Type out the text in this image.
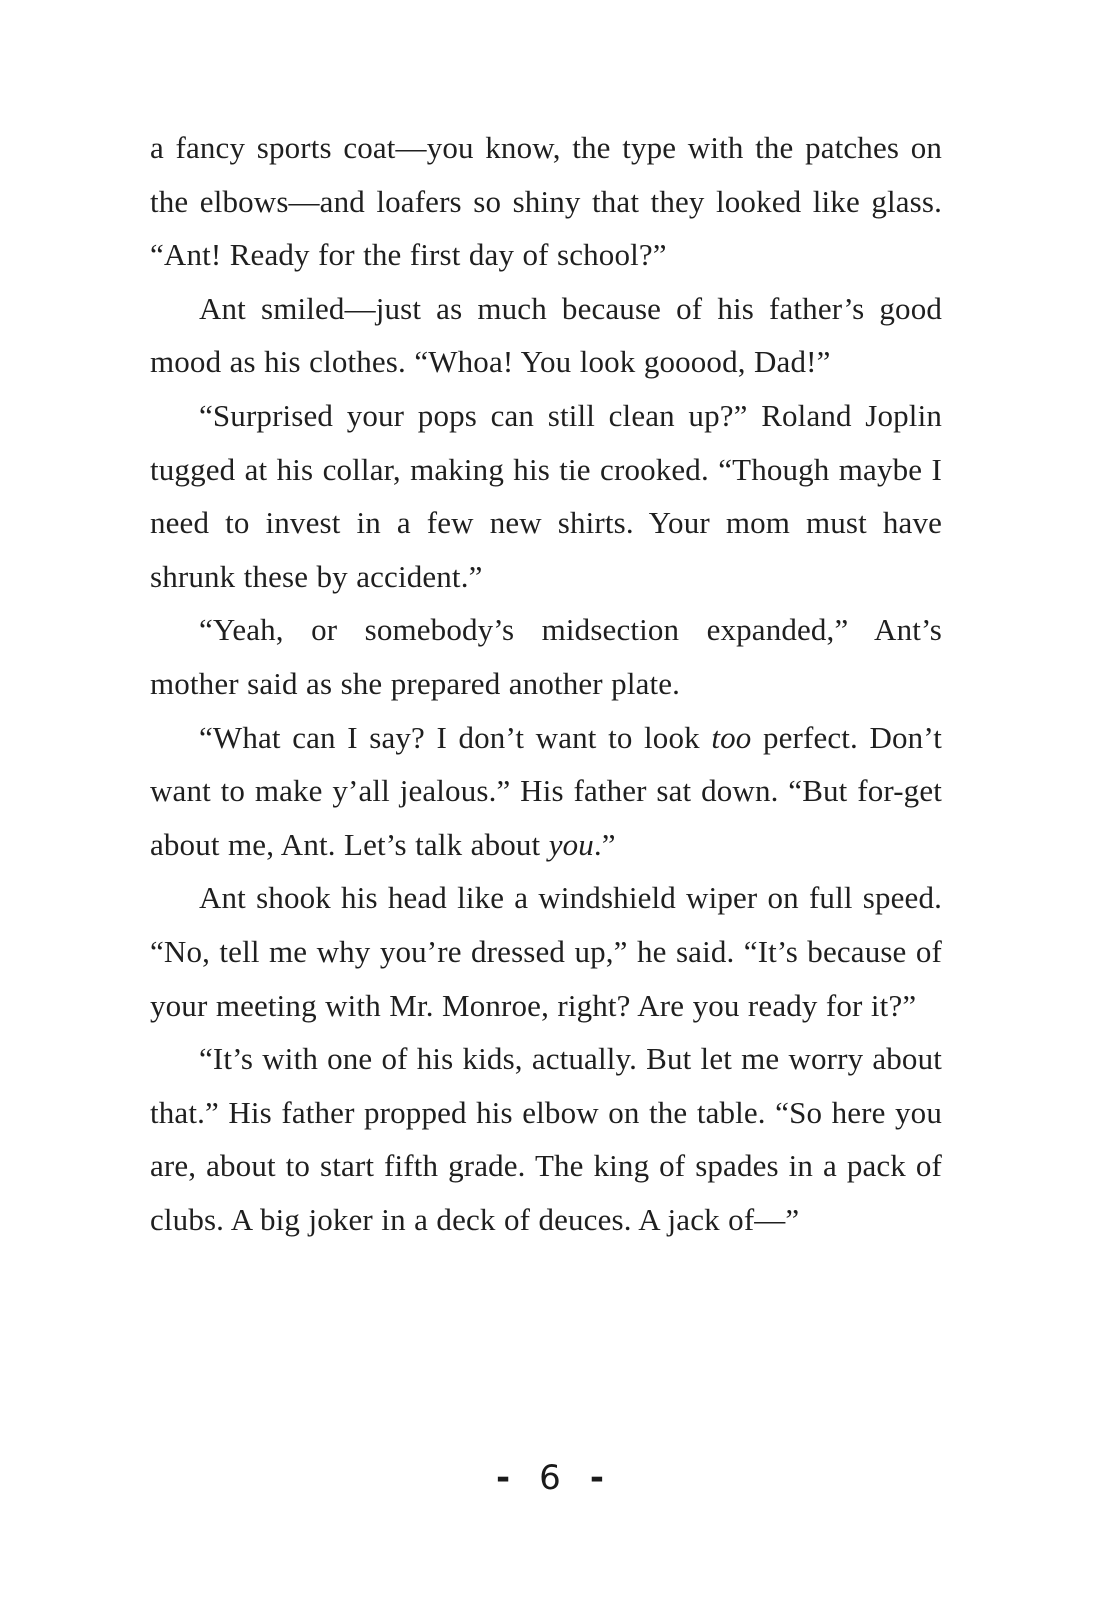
a fancy sports coat—you know, the type with the patches on the elbows—and loafers so shiny that they looked like glass. “Ant! Ready for the first day of school?”

Ant smiled—just as much because of his father’s good mood as his clothes. “Whoa! You look gooood, Dad!”

“Surprised your pops can still clean up?” Roland Joplin tugged at his collar, making his tie crooked. “Though maybe I need to invest in a few new shirts. Your mom must have shrunk these by accident.”

“Yeah, or somebody’s midsection expanded,” Ant’s mother said as she prepared another plate.

“What can I say? I don’t want to look too perfect. Don’t want to make y’all jealous.” His father sat down. “But for-get about me, Ant. Let’s talk about you.”

Ant shook his head like a windshield wiper on full speed. “No, tell me why you’re dressed up,” he said. “It’s because of your meeting with Mr. Monroe, right? Are you ready for it?”

“It’s with one of his kids, actually. But let me worry about that.” His father propped his elbow on the table. “So here you are, about to start fifth grade. The king of spades in a pack of clubs. A big joker in a deck of deuces. A jack of—”

- 6 -
